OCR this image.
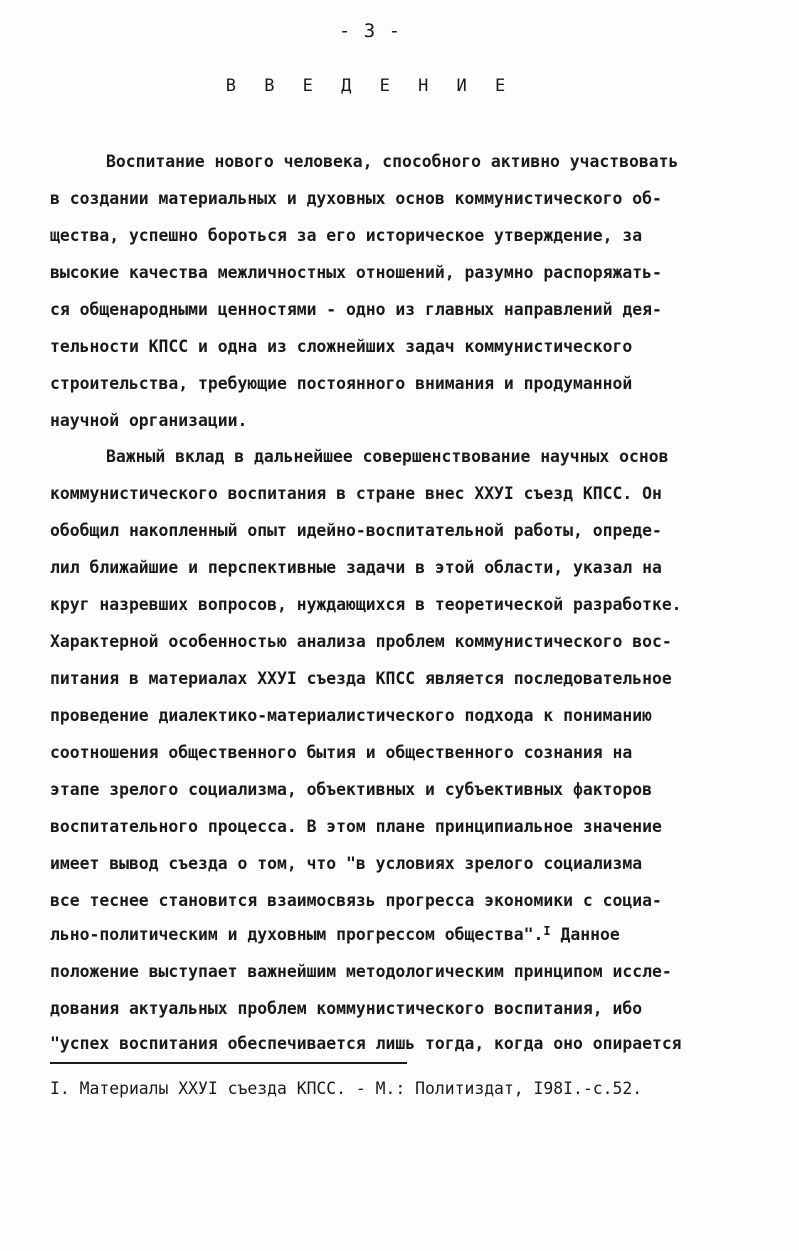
- 3 -
В В Е Д Е Н И Е
Воспитание нового человека, способного активно участвовать
в создании материальных и духовных основ коммунистического об-
щества, успешно бороться за его историческое утверждение, за
высокие качества межличностных отношений, разумно распоряжать-
ся общенародными ценностями - одно из главных направлений дея-
тельности КПСС и одна из сложнейших задач коммунистического
строительства, требующие постоянного внимания и продуманной
научной организации.
Важный вклад в дальнейшее совершенствование научных основ
коммунистического воспитания в стране внес ХХУI съезд КПСС. Он
обобщил накопленный опыт идейно-воспитательной работы, опреде-
лил ближайшие и перспективные задачи в этой области, указал на
круг назревших вопросов, нуждающихся в теоретической разработке.
Характерной особенностью анализа проблем коммунистического вос-
питания в материалах ХХУI съезда КПСС является последовательное
проведение диалектико-материалистического подхода к пониманию
соотношения общественного бытия и общественного сознания на
этапе зрелого социализма, объективных и субъективных факторов
воспитательного процесса. В этом плане принципиальное значение
имеет вывод съезда о том, что "в условиях зрелого социализма
все теснее становится взаимосвязь прогресса экономики с социа-
льно-политическим и духовным прогрессом общества".$^I$ Данное
положение выступает важнейшим методологическим принципом иссле-
дования актуальных проблем коммунистического воспитания, ибо
"успех воспитания обеспечивается лишь тогда, когда оно опирается
I. Материалы ХХУI съезда КПСС. - М.: Политиздат, I98I.-с.52.
